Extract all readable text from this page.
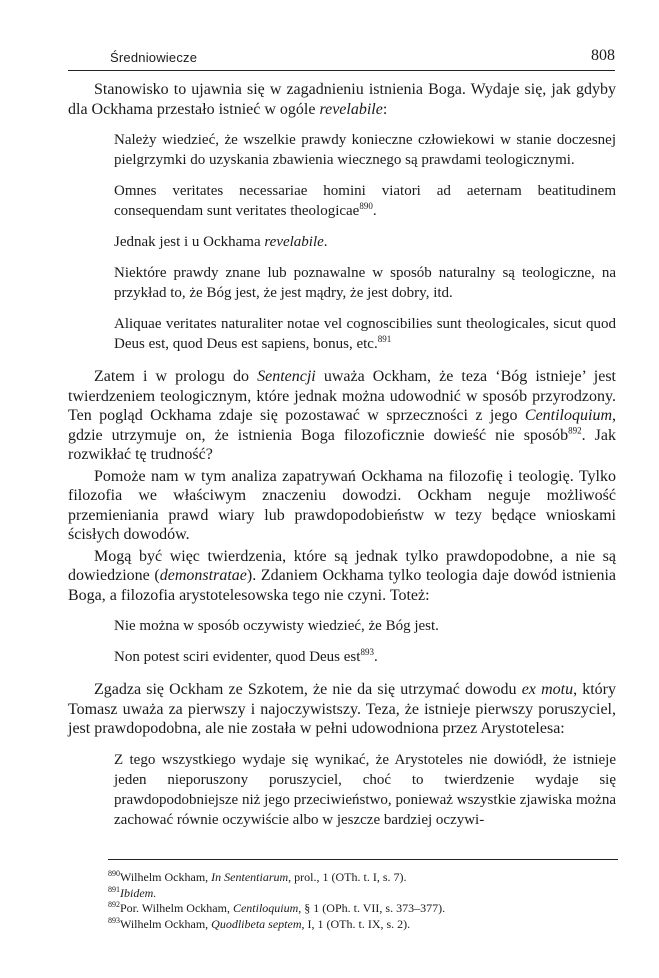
Średniowiecze	808

Stanowisko to ujawnia się w zagadnieniu istnienia Boga. Wydaje się, jak gdyby dla Ockhama przestało istnieć w ogóle revelabile:

Należy wiedzieć, że wszelkie prawdy konieczne człowiekowi w stanie doczesnej pielgrzymki do uzyskania zbawienia wiecznego są prawdami teologicznymi.

Omnes veritates necessariae homini viatori ad aeternam beatitudinem consequendam sunt veritates theologicae$^{890}$.

Jednak jest i u Ockhama revelabile.

Niektóre prawdy znane lub poznawalne w sposób naturalny są teologiczne, na przykład to, że Bóg jest, że jest mądry, że jest dobry, itd.

Aliquae veritates naturaliter notae vel cognoscibilies sunt theologicales, sicut quod Deus est, quod Deus est sapiens, bonus, etc.$^{891}$

Zatem i w prologu do Sentencji uważa Ockham, że teza ‘Bóg istnieje’ jest twierdzeniem teologicznym, które jednak można udowodnić w sposób przyrodzony. Ten pogląd Ockhama zdaje się pozostawać w sprzeczności z jego Centiloquium, gdzie utrzymuje on, że istnienia Boga filozoficznie dowieść nie sposób$^{892}$. Jak rozwikłać tę trudność?

Pomoże nam w tym analiza zapatrywań Ockhama na filozofię i teologię. Tylko filozofia we właściwym znaczeniu dowodzi. Ockham neguje możliwość przemieniania prawd wiary lub prawdopodobieństw w tezy będące wnioskami ścisłych dowodów.

Mogą być więc twierdzenia, które są jednak tylko prawdopodobne, a nie są dowiedzione (demonstratae). Zdaniem Ockhama tylko teologia daje dowód istnienia Boga, a filozofia arystotelesowska tego nie czyni. Toteż:

Nie można w sposób oczywisty wiedzieć, że Bóg jest.

Non potest sciri evidenter, quod Deus est$^{893}$.

Zgadza się Ockham ze Szkotem, że nie da się utrzymać dowodu ex motu, który Tomasz uważa za pierwszy i najoczywistszy. Teza, że istnieje pierwszy poruszyciel, jest prawdopodobna, ale nie została w pełni udowodniona przez Arystotelesa:

Z tego wszystkiego wydaje się wynikać, że Arystoteles nie dowiódł, że istnieje jeden nieporuszony poruszyciel, choć to twierdzenie wydaje się prawdopodobniejsze niż jego przeciwieństwo, ponieważ wszystkie zjawiska można zachować równie oczywiście albo w jeszcze bardziej oczywi-

$^{890}$Wilhelm Ockham, In Sententiarum, prol., 1 (OTh. t. I, s. 7).
$^{891}$Ibidem.
$^{892}$Por. Wilhelm Ockham, Centiloquium, § 1 (OPh. t. VII, s. 373–377).
$^{893}$Wilhelm Ockham, Quodlibeta septem, I, 1 (OTh. t. IX, s. 2).
